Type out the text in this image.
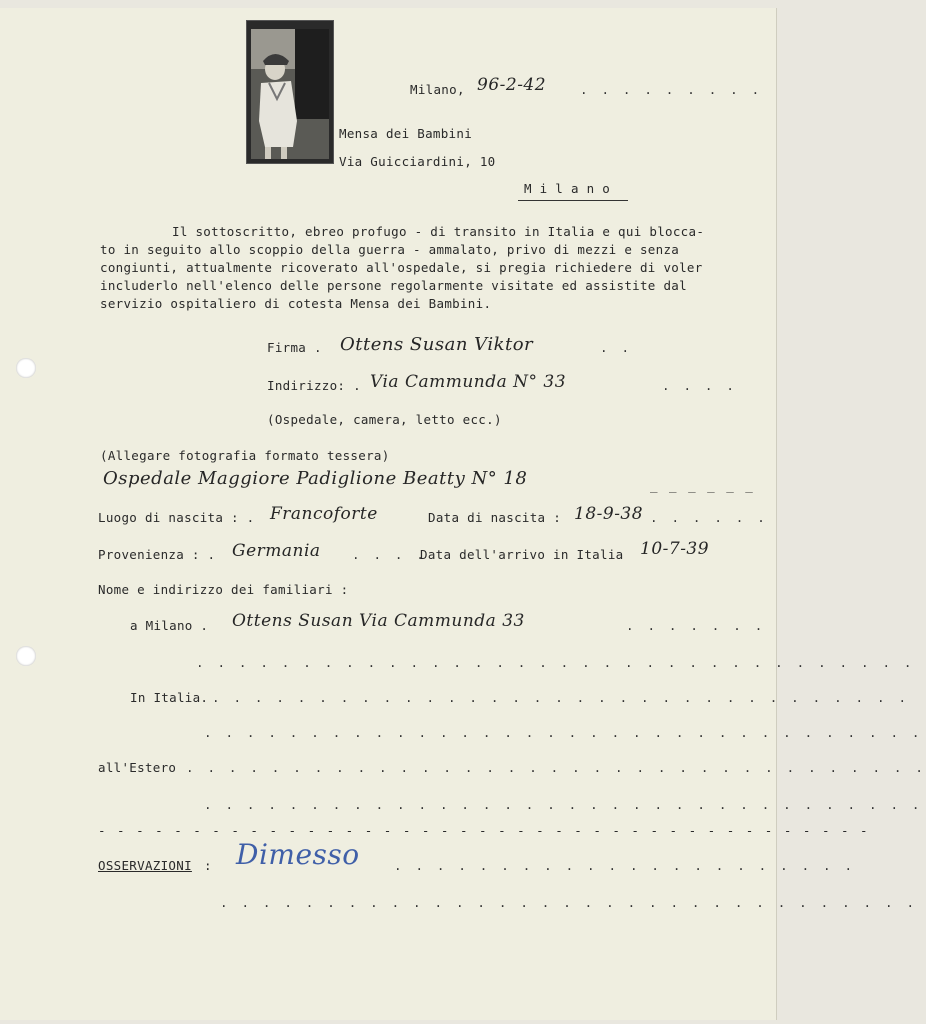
Milano, 96-2-42	. . . . . . . . .
Mensa dei Bambini
Via Guicciardini, 10
M i l a n o
Il sottoscritto, ebreo profugo - di transito in Italia e qui blocca-
to in seguito allo scoppio della guerra - ammalato, privo di mezzi e senza
congiunti, attualmente ricoverato all'ospedale, si pregia richiedere di voler
includerlo nell'elenco delle persone regolarmente visitate ed assistite dal
servizio ospitaliero di cotesta Mensa dei Bambini.
Firma . Ottens Susan Viktor	. .
Indirizzo: . Via Cammunda N° 33	. . . .
(Ospedale, camera, letto ecc.)
(Allegare fotografia formato tessera)
Ospedale Maggiore Padiglione Beatty N° 18	_ _ _ _ _ _
Luogo di nascita : . Francoforte	Data di nascita : 18-9-38 . . . . . .
Provenienza : . Germania	. . . .
Data dell'arrivo in Italia 10-7-39
Nome e indirizzo dei familiari :
a Milano . Ottens Susan Via Cammunda 33	. . . . . . .
. . . . . . . . . . . . . . . . . . . . . . . . . . . . . . . . . .
In Italia. . . . . . . . . . . . . . . . . . . . . . . . . . . . . . . . . .
. . . . . . . . . . . . . . . . . . . . . . . . . . . . . . . . . .
all'Estero . . . . . . . . . . . . . . . . . . . . . . . . . . . . . . . . . . .
. . . . . . . . . . . . . . . . . . . . . . . . . . . . . . . . . .
- - - - - - - - - - - - - - - - - - - - - - - - - - - - - - - - - - - - - - - - -
OSSERVAZIONI : Dimesso	. . . . . . . . . . . . . . . . . . . . . .
. . . . . . . . . . . . . . . . . . . . . . . . . . . . . . . . .
